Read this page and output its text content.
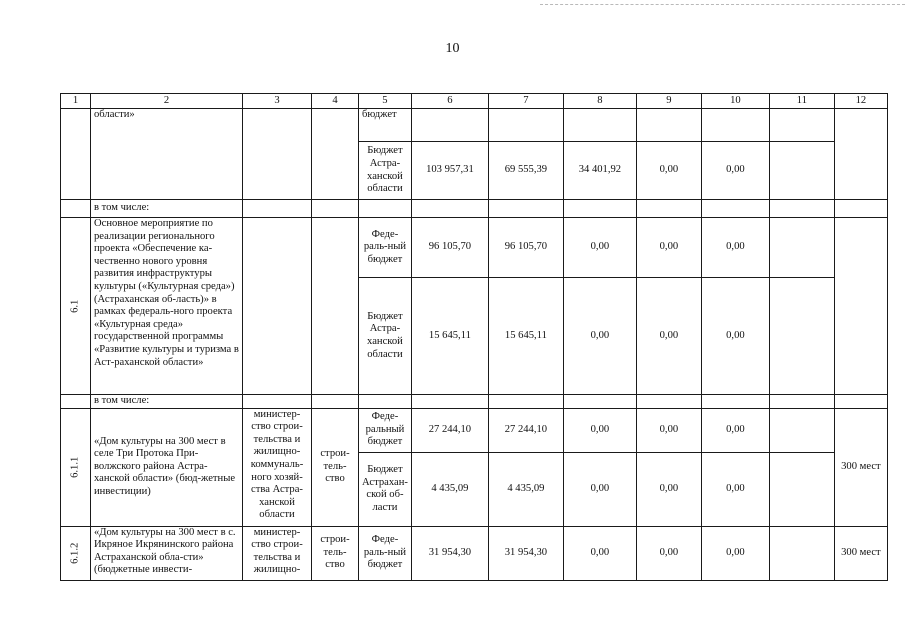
10
1	2	3	4	5	6	7	8	9	10	11	12
	области»			бюджет							
				Бюджет Астра-ханской области	103 957,31	69 555,39	34 401,92	0,00	0,00		
	в том числе:										
6.1	Основное мероприятие по реализации регионального проекта «Обеспечение ка-чественно нового уровня развития инфраструктуры культуры («Культурная среда») (Астраханская об-ласть)» в рамках федераль-ного проекта «Культурная среда» государственной программы «Развитие культуры и туризма в Аст-раханской области»			Феде-раль-ный бюджет	96 105,70	96 105,70	0,00	0,00	0,00		
				Бюджет Астра-ханской области	15 645,11	15 645,11	0,00	0,00	0,00		
	в том числе:										
6.1.1	«Дом культуры на 300 мест в селе Три Протока При-волжского района Астра-ханской области» (бюд-жетные инвестиции)	министер-ство строи-тельства и жилищно-коммуналь-ного хозяй-ства Астра-ханской области	строи-тель-ство	Феде-ральный бюджет	27 244,10	27 244,10	0,00	0,00	0,00		300 мест
				Бюджет Астрахан-ской об-ласти	4 435,09	4 435,09	0,00	0,00	0,00		
6.1.2	«Дом культуры на 300 мест в с. Икряное Икрянинского района Астраханской обла-сти» (бюджетные инвести-	министер-ство строи-тельства и жилищно-	строи-тель-ство	Феде-раль-ный бюджет	31 954,30	31 954,30	0,00	0,00	0,00		300 мест
